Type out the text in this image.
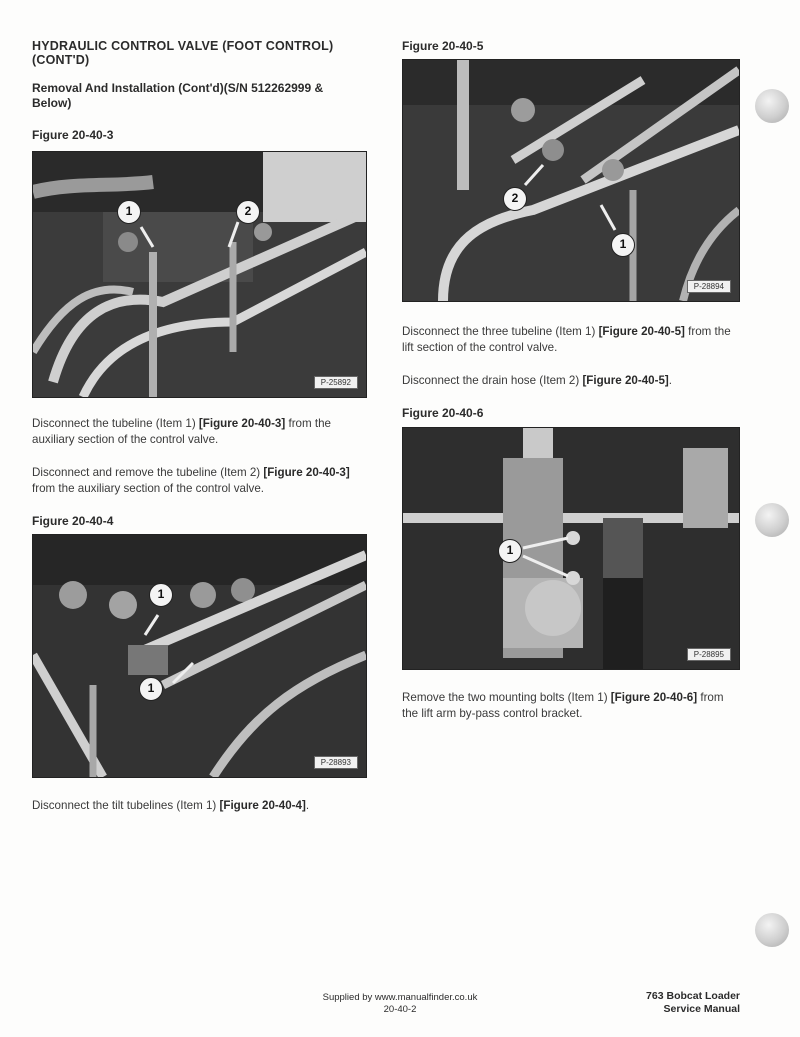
HYDRAULIC CONTROL VALVE (FOOT CONTROL)
(CONT'D)
Removal And Installation (Cont'd)(S/N 512262999 &
Below)
Figure 20-40-3
1	2
P-25892
Disconnect the tubeline (Item 1) [Figure 20-40-3] from the auxiliary section of the control valve.
Disconnect and remove the tubeline (Item 2) [Figure 20-40-3] from the auxiliary section of the control valve.
Figure 20-40-4
1
1
P-28893
Disconnect the tilt tubelines (Item 1) [Figure 20-40-4].
Figure 20-40-5
2
1
P-28894
Disconnect the three tubeline (Item 1) [Figure 20-40-5] from the lift section of the control valve.
Disconnect the drain hose (Item 2) [Figure 20-40-5].
Figure 20-40-6
1
P-28895
Remove the two mounting bolts (Item 1) [Figure 20-40-6] from the lift arm by-pass control bracket.
Supplied by www.manualfinder.co.uk
20-40-2
763 Bobcat Loader
Service Manual
